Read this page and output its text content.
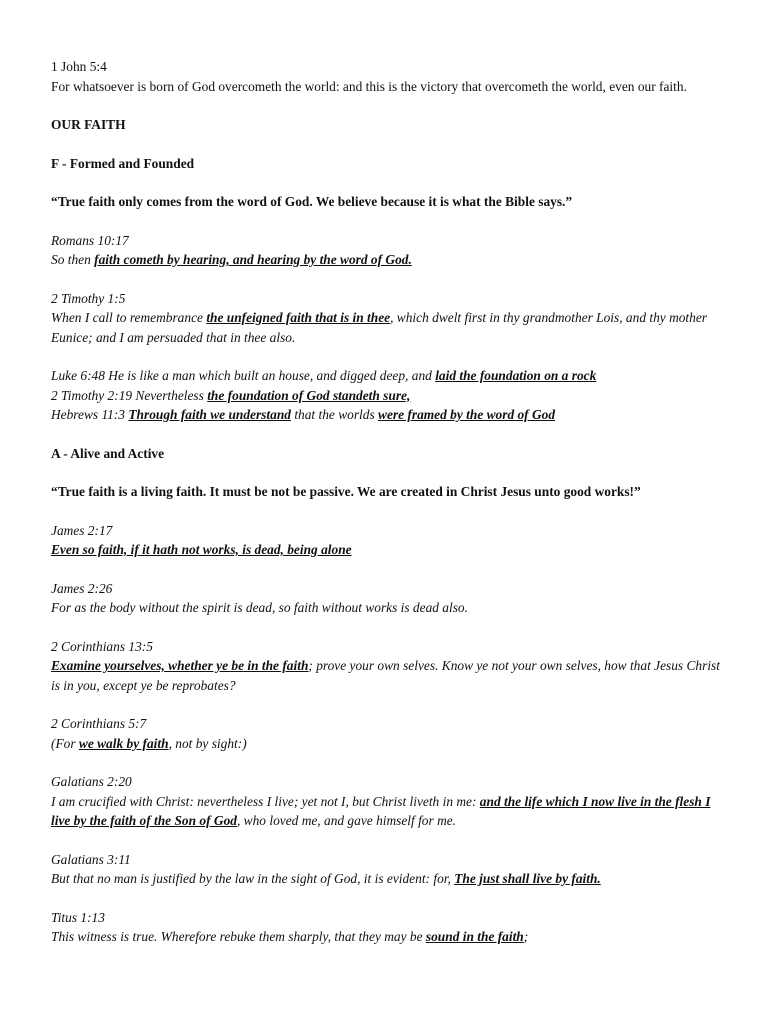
1 John 5:4
For whatsoever is born of God overcometh the world: and this is the victory that overcometh the world, even our faith.
OUR FAITH
F - Formed and Founded
“True faith only comes from the word of God. We believe because it is what the Bible says.”
Romans 10:17
So then faith cometh by hearing, and hearing by the word of God.
2 Timothy 1:5
When I call to remembrance the unfeigned faith that is in thee, which dwelt first in thy grandmother Lois, and thy mother Eunice; and I am persuaded that in thee also.
Luke 6:48 He is like a man which built an house, and digged deep, and laid the foundation on a rock
2 Timothy 2:19 Nevertheless the foundation of God standeth sure,
Hebrews 11:3 Through faith we understand that the worlds were framed by the word of God
A - Alive and Active
“True faith is a living faith. It must be not be passive. We are created in Christ Jesus unto good works!”
James 2:17
Even so faith, if it hath not works, is dead, being alone
James 2:26
For as the body without the spirit is dead, so faith without works is dead also.
2 Corinthians 13:5
Examine yourselves, whether ye be in the faith; prove your own selves. Know ye not your own selves, how that Jesus Christ is in you, except ye be reprobates?
2 Corinthians 5:7
(For we walk by faith, not by sight:)
Galatians 2:20
I am crucified with Christ: nevertheless I live; yet not I, but Christ liveth in me: and the life which I now live in the flesh I live by the faith of the Son of God, who loved me, and gave himself for me.
Galatians 3:11
But that no man is justified by the law in the sight of God, it is evident: for, The just shall live by faith.
Titus 1:13
This witness is true. Wherefore rebuke them sharply, that they may be sound in the faith;
